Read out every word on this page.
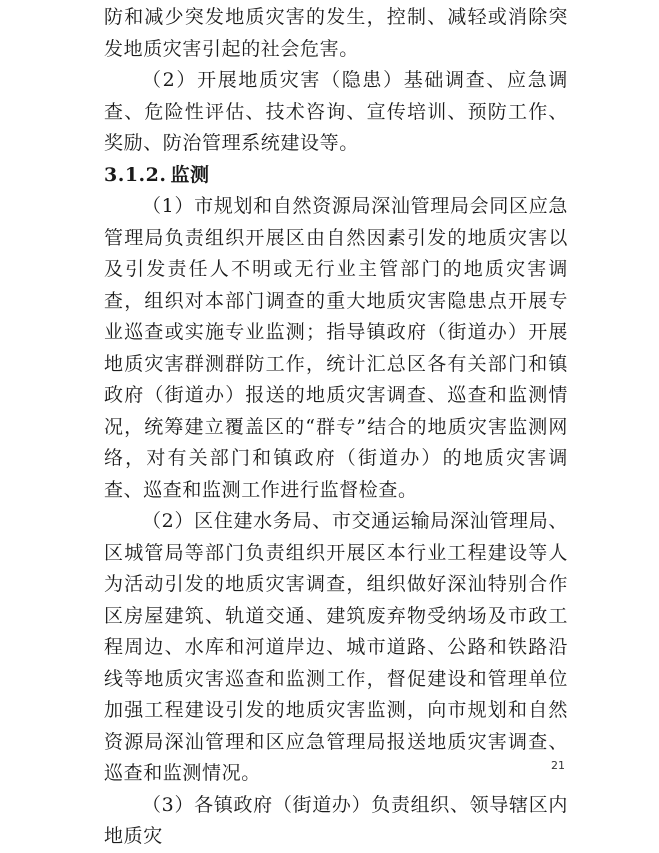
防和减少突发地质灾害的发生，控制、减轻或消除突发地质灾害引起的社会危害。

（2）开展地质灾害（隐患）基础调查、应急调查、危险性评估、技术咨询、宣传培训、预防工作、奖励、防治管理系统建设等。

3.1.2. 监测

（1）市规划和自然资源局深汕管理局会同区应急管理局负责组织开展区由自然因素引发的地质灾害以及引发责任人不明或无行业主管部门的地质灾害调查，组织对本部门调查的重大地质灾害隐患点开展专业巡查或实施专业监测；指导镇政府（街道办）开展地质灾害群测群防工作，统计汇总区各有关部门和镇政府（街道办）报送的地质灾害调查、巡查和监测情况，统筹建立覆盖区的“群专”结合的地质灾害监测网络，对有关部门和镇政府（街道办）的地质灾害调查、巡查和监测工作进行监督检查。

（2）区住建水务局、市交通运输局深汕管理局、区城管局等部门负责组织开展区本行业工程建设等人为活动引发的地质灾害调查，组织做好深汕特别合作区房屋建筑、轨道交通、建筑废弃物受纳场及市政工程周边、水库和河道岸边、城市道路、公路和铁路沿线等地质灾害巡查和监测工作，督促建设和管理单位加强工程建设引发的地质灾害监测，向市规划和自然资源局深汕管理和区应急管理局报送地质灾害调查、巡查和监测情况。

（3）各镇政府（街道办）负责组织、领导辖区内地质灾

21
